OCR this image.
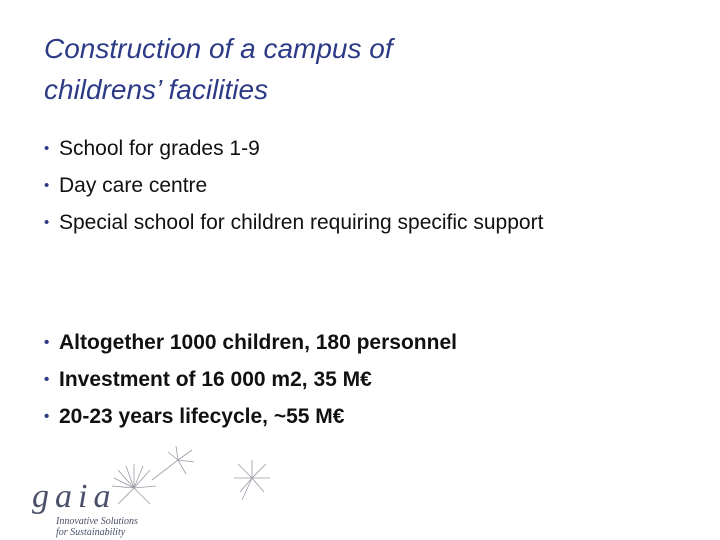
Construction of a campus of
childrens’ facilities
• School for grades 1-9
• Day care centre
• Special school for children requiring specific support
• Altogether 1000 children, 180 personnel
• Investment of 16 000 m2, 35 M€
• 20-23 years lifecycle, ~55 M€
gaia
Innovative Solutions
for Sustainability
